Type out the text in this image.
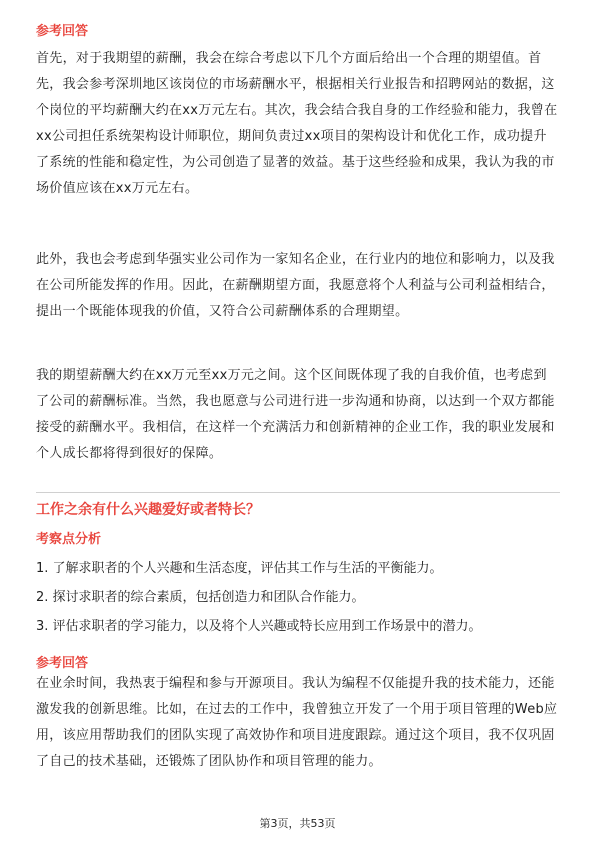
参考回答

首先，对于我期望的薪酬，我会在综合考虑以下几个方面后给出一个合理的期望值。首先，我会参考深圳地区该岗位的市场薪酬水平，根据相关行业报告和招聘网站的数据，这个岗位的平均薪酬大约在xx万元左右。其次，我会结合我自身的工作经验和能力，我曾在xx公司担任系统架构设计师职位，期间负责过xx项目的架构设计和优化工作，成功提升了系统的性能和稳定性，为公司创造了显著的效益。基于这些经验和成果，我认为我的市场价值应该在xx万元左右。

此外，我也会考虑到华强实业公司作为一家知名企业，在行业内的地位和影响力，以及我在公司所能发挥的作用。因此，在薪酬期望方面，我愿意将个人利益与公司利益相结合，提出一个既能体现我的价值，又符合公司薪酬体系的合理期望。

我的期望薪酬大约在xx万元至xx万元之间。这个区间既体现了我的自我价值，也考虑到了公司的薪酬标准。当然，我也愿意与公司进行进一步沟通和协商，以达到一个双方都能接受的薪酬水平。我相信，在这样一个充满活力和创新精神的企业工作，我的职业发展和个人成长都将得到很好的保障。

工作之余有什么兴趣爱好或者特长？
考察点分析
1. 了解求职者的个人兴趣和生活态度，评估其工作与生活的平衡能力。
2. 探讨求职者的综合素质，包括创造力和团队合作能力。
3. 评估求职者的学习能力，以及将个人兴趣或特长应用到工作场景中的潜力。
参考回答

在业余时间，我热衷于编程和参与开源项目。我认为编程不仅能提升我的技术能力，还能激发我的创新思维。比如，在过去的工作中，我曾独立开发了一个用于项目管理的Web应用，该应用帮助我们的团队实现了高效协作和项目进度跟踪。通过这个项目，我不仅巩固了自己的技术基础，还锻炼了团队协作和项目管理的能力。

第3页，共53页
